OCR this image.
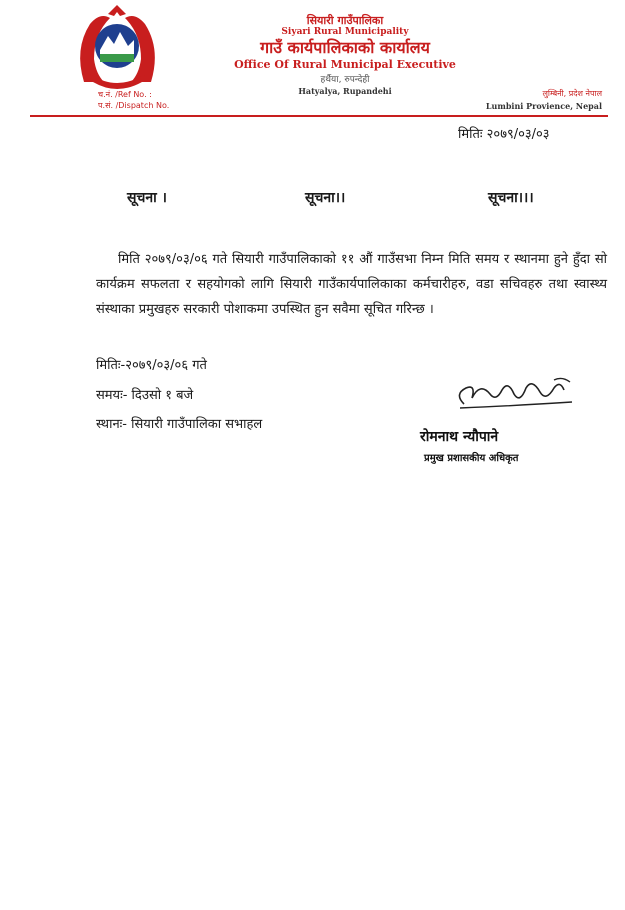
सियारी गाउँपालिका
Siyari Rural Municipality
गाउँ कार्यपालिकाको कार्यालय
Office Of Rural Municipal Executive
हर्थैया, रुपन्देही
Hatyalya, Rupandehi
च.नं. /Ref No. :
प.सं. /Dispatch No.
लुम्बिनी, प्रदेश नेपाल
Lumbini Provience, Nepal
मितिः २०७९/०३/०३
सूचना ।	सूचना।।	सूचना।।।
मिति २०७९/०३/०६ गते सियारी गाउँपालिकाको ११ औं गाउँसभा निम्न मिति समय र स्थानमा हुने हुँदा सो कार्यक्रम सफलता र सहयोगको लागि सियारी गाउँकार्यपालिकाका कर्मचारीहरु, वडा सचिवहरु तथा स्वास्थ्य संस्थाका प्रमुखहरु सरकारी पोशाकमा उपस्थित हुन सवैमा सूचित गरिन्छ ।
मितिः-२०७९/०३/०६ गते
समयः- दिउसो १ बजे
स्थानः- सियारी गाउँपालिका सभाहल
रोमनाथ न्यौपाने
प्रमुख प्रशासकीय अधिकृत
